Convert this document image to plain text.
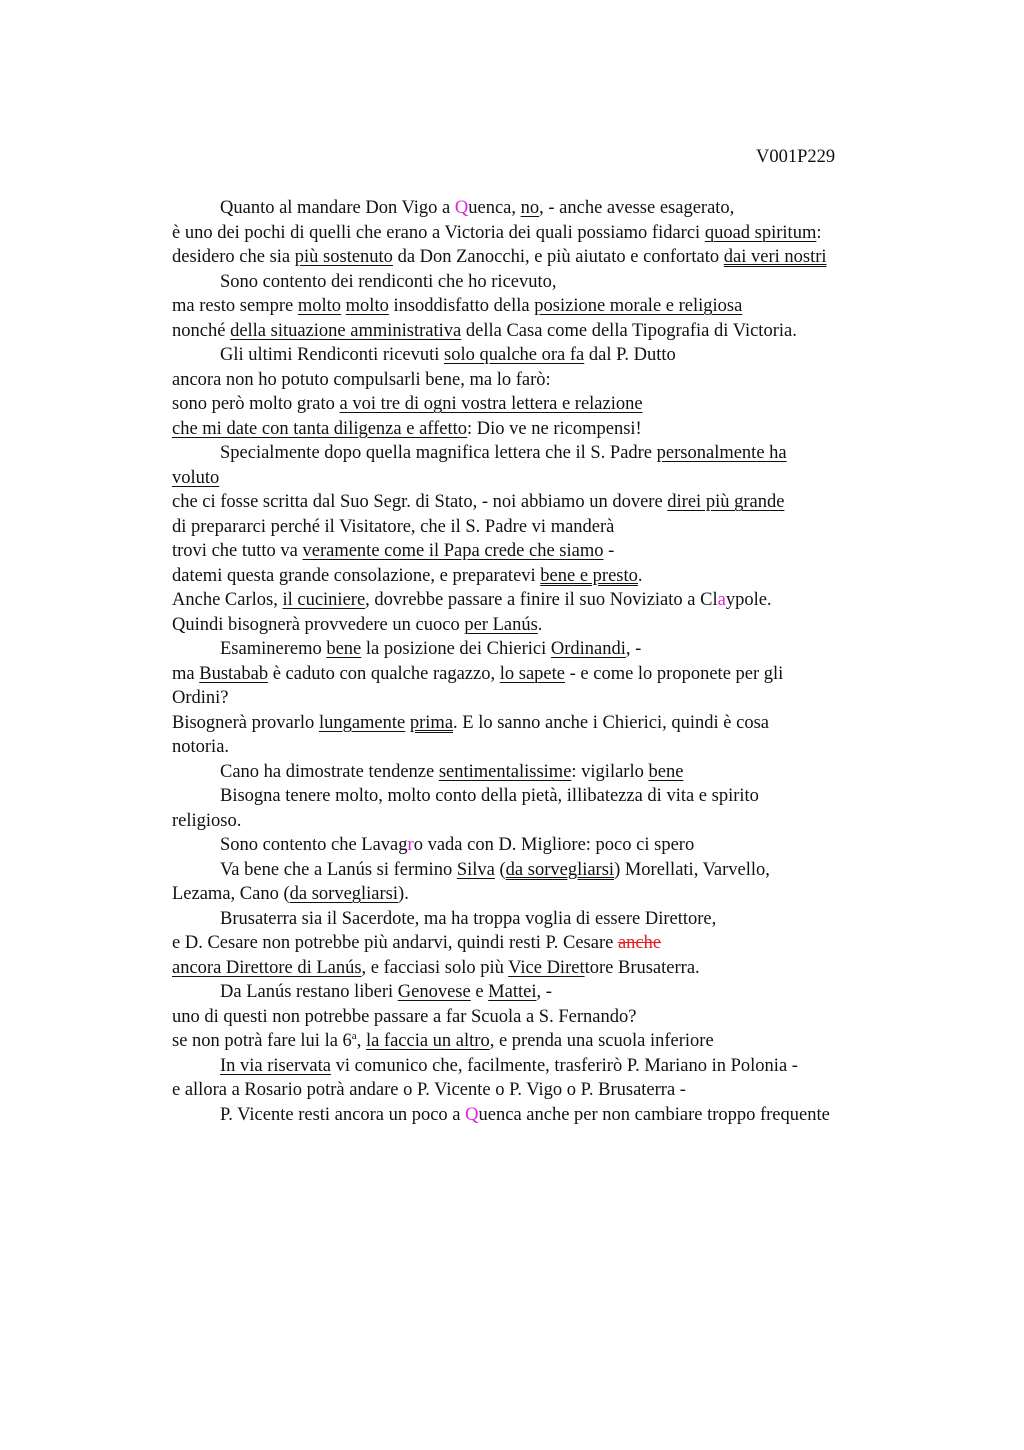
V001P229
Quanto al mandare Don Vigo a Quenca, no, - anche avesse esagerato,
è uno dei pochi di quelli che erano a Victoria dei quali possiamo fidarci quoad spiritum:
desidero che sia più sostenuto da Don Zanocchi, e più aiutato e confortato dai veri nostri
Sono contento dei rendiconti che ho ricevuto,
ma resto sempre molto molto insoddisfatto della posizione morale e religiosa
nonché della situazione amministrativa della Casa come della Tipografia di Victoria.
Gli ultimi Rendiconti ricevuti solo qualche ora fa dal P. Dutto
ancora non ho potuto compulsarli bene, ma lo farò:
sono però molto grato a voi tre di ogni vostra lettera e relazione
che mi date con tanta diligenza e affetto: Dio ve ne ricompensi!
Specialmente dopo quella magnifica lettera che il S. Padre personalmente ha
voluto
che ci fosse scritta dal Suo Segr. di Stato, - noi abbiamo un dovere direi più grande
di prepararci perché il Visitatore, che il S. Padre vi manderà
trovi che tutto va veramente come il Papa crede che siamo -
datemi questa grande consolazione, e preparatevi bene e presto.
Anche Carlos, il cuciniere, dovrebbe passare a finire il suo Noviziato a Claypole.
Quindi bisognerà provvedere un cuoco per Lanús.
Esamineremo bene la posizione dei Chierici Ordinandi, -
ma Bustabab è caduto con qualche ragazzo, lo sapete - e come lo proponete per gli
Ordini?
Bisognerà provarlo lungamente prima. E lo sanno anche i Chierici, quindi è cosa
notoria.
Cano ha dimostrate tendenze sentimentalissime: vigilarlo bene
Bisogna tenere molto, molto conto della pietà, illibatezza di vita e spirito
religioso.
Sono contento che Lavagro vada con D. Migliore: poco ci spero
Va bene che a Lanús si fermino Silva (da sorvegliarsi) Morellati, Varvello,
Lezama, Cano (da sorvegliarsi).
Brusaterra sia il Sacerdote, ma ha troppa voglia di essere Direttore,
e D. Cesare non potrebbe più andarvi, quindi resti P. Cesare anche
ancora Direttore di Lanús, e facciasi solo più Vice Direttore Brusaterra.
Da Lanús restano liberi Genovese e Mattei, -
uno di questi non potrebbe passare a far Scuola a S. Fernando?
se non potrà fare lui la 6$^a$, la faccia un altro, e prenda una scuola inferiore
In via riservata vi comunico che, facilmente, trasferirò P. Mariano in Polonia -
e allora a Rosario potrà andare o P. Vicente o P. Vigo o P. Brusaterra -
P. Vicente resti ancora un poco a Quenca anche per non cambiare troppo frequente
